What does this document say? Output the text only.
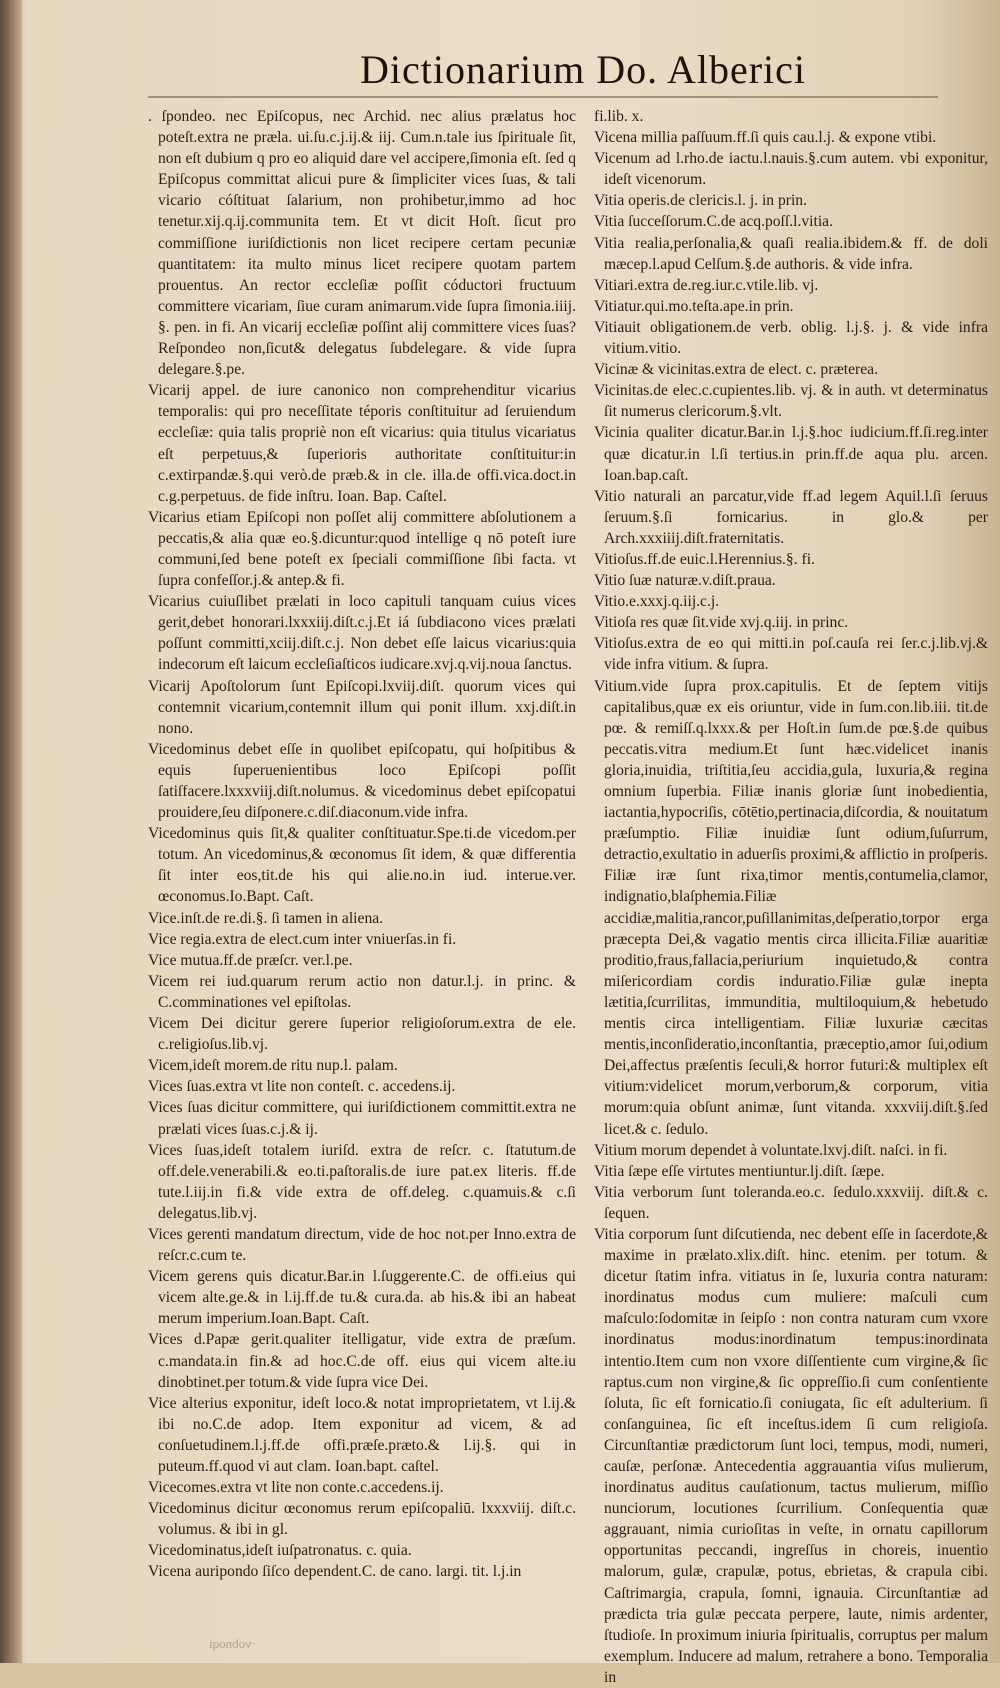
Dictionarium Do. Alberici

. ſpondeo. nec Epiſcopus, nec Archid. nec alius prælatus hoc poteſt.extra ne præla. ui.ſu.c.j.ij.& iij. Cum.n.tale ius ſpirituale ſit, non eſt dubium q pro eo aliquid dare vel accipere,ſimonia eſt. ſed q Epiſcopus committat alicui pure & ſimpliciter vices ſuas, & tali vicario cóſtituat ſalarium, non prohibetur,immo ad hoc tenetur.xij.q.ij.communita tem. Et vt dicit Hoſt. ſicut pro commiſſione iuriſdictionis non licet recipere certam pecuniæ quantitatem: ita multo minus licet recipere quotam partem prouentus. An rector eccleſiæ poſſit cóductori fructuum committere vicariam, ſiue curam animarum.vide ſupra ſimonia.iiij. §. pen. in fi. An vicarij eccleſiæ poſſint alij committere vices ſuas? Reſpondeo non,ſicut& delegatus ſubdelegare. & vide ſupra delegare.§.pe.

Vicarij appel. de iure canonico non comprehenditur vicarius temporalis: qui pro neceſſitate téporis conſtituitur ad ſeruiendum eccleſiæ: quia talis propriè non eſt vicarius: quia titulus vicariatus eſt perpetuus,& ſuperioris authoritate conſtituitur:in c.extirpandæ.§.qui verò.de præb.& in cle. illa.de offi.vica.doct.in c.g.perpetuus. de fide inſtru. Ioan. Bap. Caſtel.

Vicarius etiam Epiſcopi non poſſet alij committere abſolutionem a peccatis,& alia quæ eo.§.dicuntur:quod intellige q nō poteſt iure communi,ſed bene poteſt ex ſpeciali commiſſione ſibi facta. vt ſupra confeſſor.j.& antep.& fi.

Vicarius cuiuſlibet prælati in loco capituli tanquam cuius vices gerit,debet honorari.lxxxiij.diſt.c.j.Et iá ſubdiacono vices prælati poſſunt committi,xciij.diſt.c.j. Non debet eſſe laicus vicarius:quia indecorum eſt laicum eccleſiaſticos iudicare.xvj.q.vij.noua ſanctus.

Vicarij Apoſtolorum ſunt Epiſcopi.lxviij.diſt. quorum vices qui contemnit vicarium,contemnit illum qui ponit illum. xxj.diſt.in nono.

Vicedominus debet eſſe in quolibet epiſcopatu, qui hoſpitibus & equis ſuperuenientibus loco Epiſcopi poſſit ſatiſfacere.lxxxviij.diſt.nolumus. & vicedominus debet epiſcopatui prouidere,ſeu diſponere.c.diſ.diaconum.vide infra.

Vicedominus quis ſit,& qualiter conſtituatur.Spe.ti.de vicedom.per totum. An vicedominus,& œconomus ſit idem, & quæ differentia ſit inter eos,tit.de his qui alie.no.in iud. interue.ver. œconomus.Io.Bapt. Caſt.

Vice.inſt.de re.di.§. ſi tamen in aliena.

Vice regia.extra de elect.cum inter vniuerſas.in fi.

Vice mutua.ff.de præſcr. ver.l.pe.

Vicem rei iud.quarum rerum actio non datur.l.j. in princ. & C.comminationes vel epiſtolas.

Vicem Dei dicitur gerere ſuperior religioſorum.extra de ele. c.religioſus.lib.vj.

Vicem,ideſt morem.de ritu nup.l. palam.

Vices ſuas.extra vt lite non conteſt. c. accedens.ij.

Vices ſuas dicitur committere, qui iuriſdictionem committit.extra ne prælati vices ſuas.c.j.& ij.

Vices ſuas,ideſt totalem iuriſd. extra de reſcr. c. ſtatutum.de off.dele.venerabili.& eo.ti.paſtoralis.de iure pat.ex literis. ff.de tute.l.iij.in fi.& vide extra de off.deleg. c.quamuis.& c.ſi delegatus.lib.vj.

Vices gerenti mandatum directum, vide de hoc not.per Inno.extra de reſcr.c.cum te.

Vicem gerens quis dicatur.Bar.in l.ſuggerente.C. de offi.eius qui vicem alte.ge.& in l.ij.ff.de tu.& cura.da. ab his.& ibi an habeat merum imperium.Ioan.Bapt. Caſt.

Vices d.Papæ gerit.qualiter itelligatur, vide extra de præſum. c.mandata.in fin.& ad hoc.C.de off. eius qui vicem alte.iu dinobtinet.per totum.& vide ſupra vice Dei.

Vice alterius exponitur, ideſt loco.& notat improprietatem, vt l.ij.& ibi no.C.de adop. Item exponitur ad vicem, & ad conſuetudinem.l.j.ff.de offi.præſe.præto.& l.ij.§. qui in puteum.ff.quod vi aut clam. Ioan.bapt. caſtel.

Vicecomes.extra vt lite non conte.c.accedens.ij.

Vicedominus dicitur œconomus rerum epiſcopaliū. lxxxviij. diſt.c. volumus. & ibi in gl.

Vicedominatus,ideſt iuſpatronatus. c. quia.

Vicena auripondo ſiſco dependent.C. de cano. largi. tit. l.j.in

fi.lib. x.

Vicena millia paſſuum.ff.ſi quis cau.l.j. & expone vtibi.

Vicenum ad l.rho.de iactu.l.nauis.§.cum autem. vbi exponitur, ideſt vicenorum.

Vitia operis.de clericis.l. j. in prin.

Vitia ſucceſſorum.C.de acq.poſſ.l.vitia.

Vitia realia,perſonalia,& quaſi realia.ibidem.& ff. de doli mæcep.l.apud Celſum.§.de authoris. & vide infra.

Vitiari.extra de.reg.iur.c.vtile.lib. vj.

Vitiatur.qui.mo.teſta.ape.in prin.

Vitiauit obligationem.de verb. oblig. l.j.§. j. & vide infra vitium.vitio.

Vicinæ & vicinitas.extra de elect. c. præterea.

Vicinitas.de elec.c.cupientes.lib. vj. & in auth. vt determinatus ſit numerus clericorum.§.vlt.

Vicinia qualiter dicatur.Bar.in l.j.§.hoc iudicium.ff.ſi.reg.inter quæ dicatur.in l.ſi tertius.in prin.ff.de aqua plu. arcen. Ioan.bap.caſt.

Vitio naturali an parcatur,vide ff.ad legem Aquil.l.ſi ſeruus ſeruum.§.ſi fornicarius. in glo.& per Arch.xxxiiij.diſt.fraternitatis.

Vitioſus.ff.de euic.l.Herennius.§. fi.

Vitio ſuæ naturæ.v.diſt.praua.

Vitio.e.xxxj.q.iij.c.j.

Vitioſa res quæ ſit.vide xvj.q.iij. in princ.

Vitioſus.extra de eo qui mitti.in poſ.cauſa rei ſer.c.j.lib.vj.& vide infra vitium. & ſupra.

Vitium.vide ſupra prox.capitulis. Et de ſeptem vitijs capitalibus,quæ ex eis oriuntur, vide in ſum.con.lib.iii. tit.de pœ. & remiſſ.q.lxxx.& per Hoſt.in ſum.de pœ.§.de quibus peccatis.vitra medium.Et ſunt hæc.videlicet inanis gloria,inuidia, triſtitia,ſeu accidia,gula, luxuria,& regina omnium ſuperbia. Filiæ inanis gloriæ ſunt inobedientia, iactantia,hypocriſis, cōtētio,pertinacia,diſcordia, & nouitatum præſumptio. Filiæ inuidiæ ſunt odium,ſuſurrum, detractio,exultatio in aduerſis proximi,& afflictio in proſperis. Filiæ iræ ſunt rixa,timor mentis,contumelia,clamor, indignatio,blaſphemia.Filiæ accidiæ,malitia,rancor,puſillanimitas,deſperatio,torpor erga præcepta Dei,& vagatio mentis circa illicita.Filiæ auaritiæ proditio,fraus,fallacia,periurium inquietudo,& contra miſericordiam cordis induratio.Filiæ gulæ inepta lætitia,ſcurrilitas, immunditia, multiloquium,& hebetudo mentis circa intelligentiam. Filiæ luxuriæ cæcitas mentis,inconſideratio,inconſtantia, præceptio,amor ſui,odium Dei,affectus præſentis ſeculi,& horror futuri:& multiplex eſt vitium:videlicet morum,verborum,& corporum, vitia morum:quia obſunt animæ, ſunt vitanda. xxxviij.diſt.§.ſed licet.& c. ſedulo.

Vitium morum dependet à voluntate.lxvj.diſt. naſci. in fi.

Vitia ſæpe eſſe virtutes mentiuntur.lj.diſt. ſæpe.

Vitia verborum ſunt toleranda.eo.c. ſedulo.xxxviij. diſt.& c. ſequen.

Vitia corporum ſunt diſcutienda, nec debent eſſe in ſacerdote,& maxime in prælato.xlix.diſt. hinc. etenim. per totum. & dicetur ſtatim infra. vitiatus in ſe, luxuria contra naturam: inordinatus modus cum muliere: maſculi cum maſculo:ſodomitæ in ſeipſo : non contra naturam cum vxore inordinatus modus:inordinatum tempus:inordinata intentio.Item cum non vxore diſſentiente cum virgine,& ſic raptus.cum non virgine,& ſic oppreſſio.ſi cum conſentiente ſoluta, ſic eſt fornicatio.ſi coniugata, ſic eſt adulterium. ſi conſanguinea, ſic eſt inceſtus.idem ſi cum religioſa. Circunſtantiæ prædictorum ſunt loci, tempus, modi, numeri, cauſæ, perſonæ. Antecedentia aggrauantia viſus mulierum, inordinatus auditus cauſationum, tactus mulierum, miſſio nunciorum, locutiones ſcurrilium. Conſequentia quæ aggrauant, nimia curioſitas in veſte, in ornatu capillorum opportunitas peccandi, ingreſſus in choreis, inuentio malorum, gulæ, crapulæ, potus, ebrietas, & crapula cibi. Caſtrimargia, crapula, ſomni, ignauia. Circunſtantiæ ad prædicta tria gulæ peccata perpere, laute, nimis ardenter, ſtudioſe. In proximum iniuria ſpiritualis, corruptus per malum exemplum. Inducere ad malum, retrahere a bono. Temporalia in

·vobnoqi
